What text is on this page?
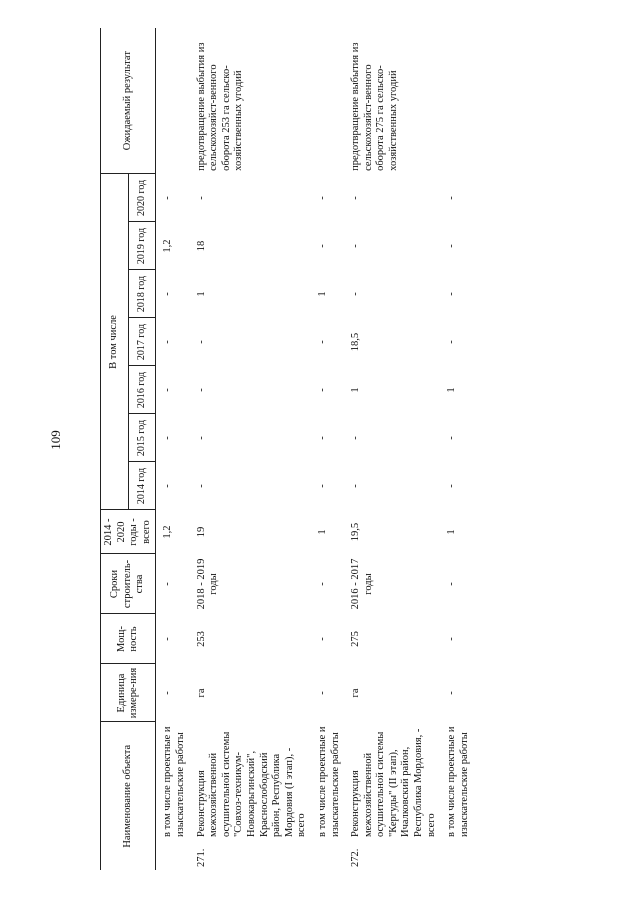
109
Наименование объекта		Единица измере-ния	Мощ-ность	Сроки строитель-ства	2014 - 2020 годы - всего	В том числе							Ожидаемый результат
						2014 год	2015 год	2016 год	2017 год	2018 год	2019 год	2020 год	
	в том числе проектные и изыскательские работы	-	-	-	1,2	-	-	-	-	-	1,2	-	
271.	Реконструкция межхозяйственной осушительной системы "Совхоз-техникум-Новокарьгинский", Краснослободский район, Республика Мордовия (I этап), - всего	га	253	2018 - 2019 годы	19	-	-	-	-	1	18	-	предотвращение выбытия из сельскохозяйст-венного оборота 253 га сельско-хозяйственных угодий
	в том числе проектные и изыскательские работы	-	-	-	1	-	-	-	-	1	-	-	
272.	Реконструкция межхозяйственной осушительной системы "Кергуды" (II этап), Ичалковский район, Республика Мордовия, - всего	га	275	2016 - 2017 годы	19,5	-	-	1	18,5	-	-	-	предотвращение выбытия из сельскохозяйст-венного оборота 275 га сельско-хозяйственных угодий
	в том числе проектные и изыскательские работы	-	-	-	1	-	-	1	-	-	-	-	
